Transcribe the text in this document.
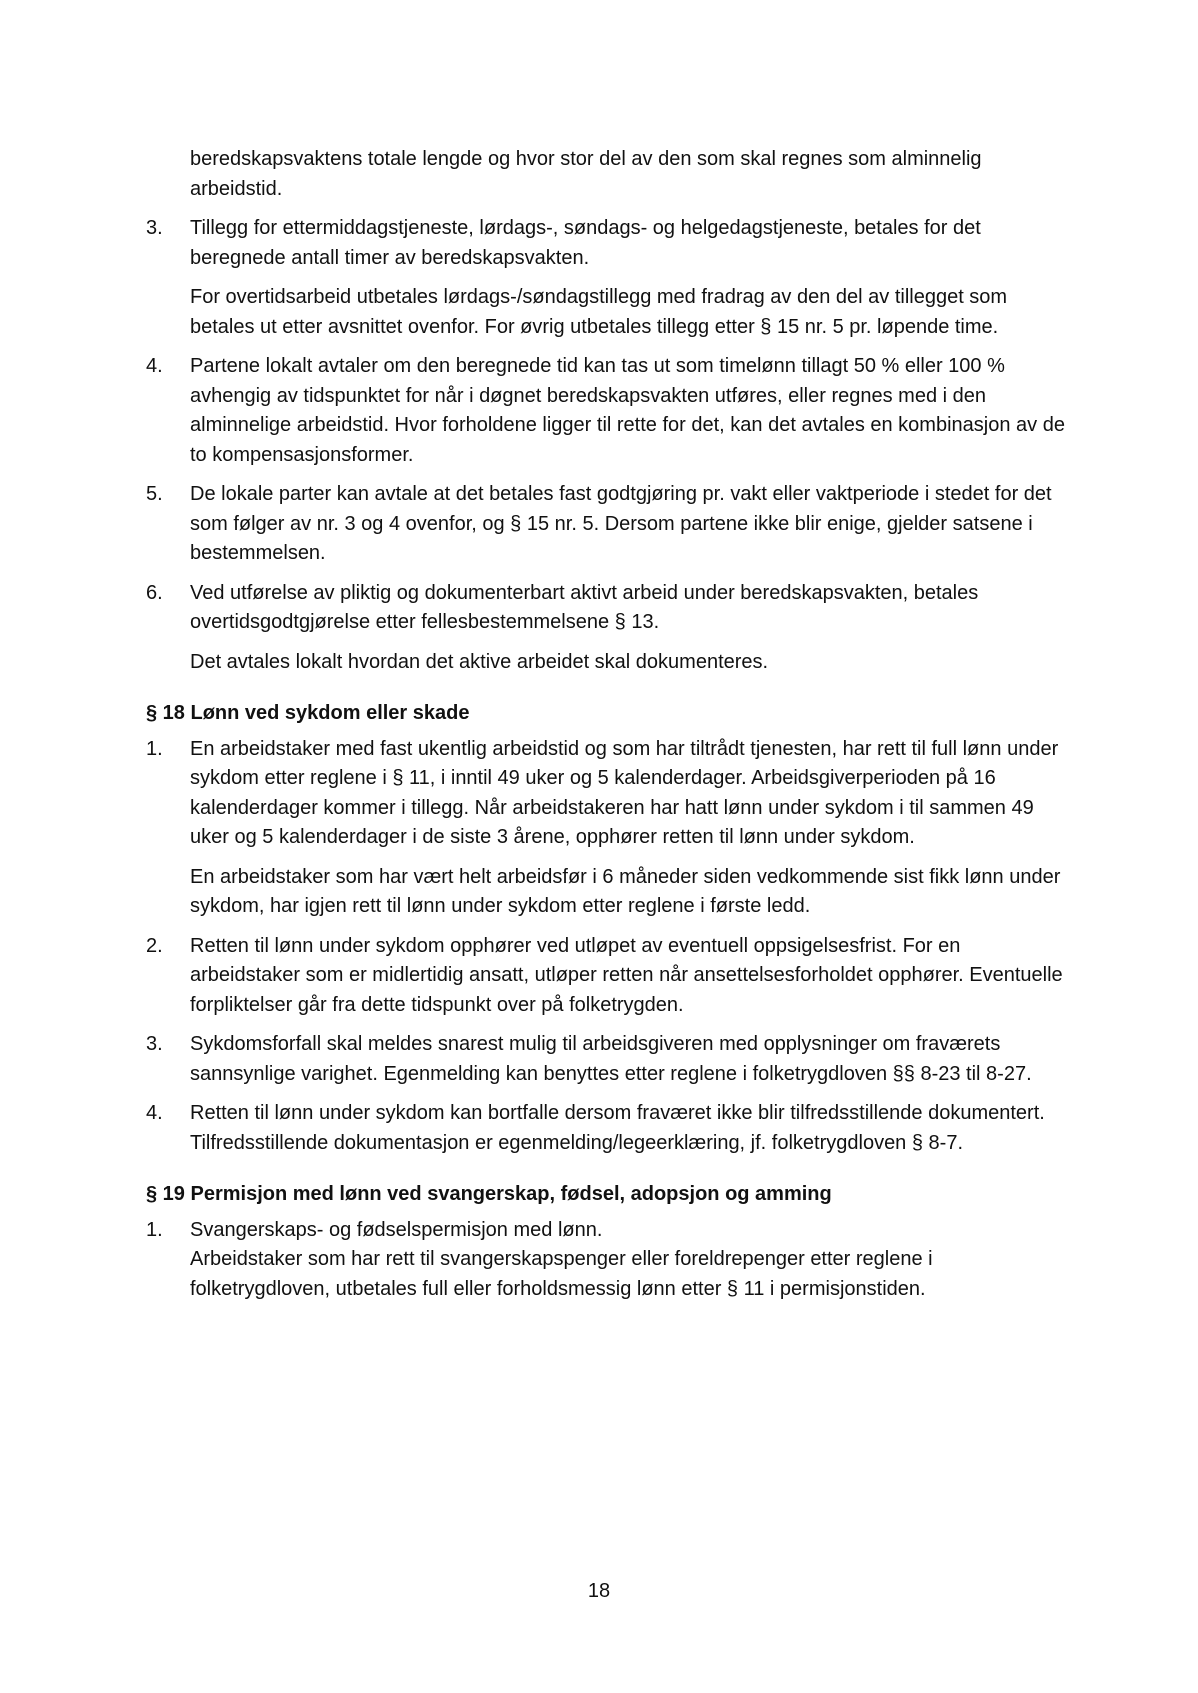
beredskapsvaktens totale lengde og hvor stor del av den som skal regnes som alminnelig arbeidstid.

3.	Tillegg for ettermiddagstjeneste, lørdags-, søndags- og helgedagstjeneste, betales for det beregnede antall timer av beredskapsvakten.

For overtidsarbeid utbetales lørdags-/søndagstillegg med fradrag av den del av tillegget som betales ut etter avsnittet ovenfor. For øvrig utbetales tillegg etter § 15 nr. 5 pr. løpende time.

4.	Partene lokalt avtaler om den beregnede tid kan tas ut som timelønn tillagt 50 % eller 100 % avhengig av tidspunktet for når i døgnet beredskapsvakten utføres, eller regnes med i den alminnelige arbeidstid. Hvor forholdene ligger til rette for det, kan det avtales en kombinasjon av de to kompensasjonsformer.

5.	De lokale parter kan avtale at det betales fast godtgjøring pr. vakt eller vaktperiode i stedet for det som følger av nr. 3 og 4 ovenfor, og § 15 nr. 5. Dersom partene ikke blir enige, gjelder satsene i bestemmelsen.

6.	Ved utførelse av pliktig og dokumenterbart aktivt arbeid under beredskapsvakten, betales overtidsgodtgjørelse etter fellesbestemmelsene § 13.

Det avtales lokalt hvordan det aktive arbeidet skal dokumenteres.

§ 18 Lønn ved sykdom eller skade
1.	En arbeidstaker med fast ukentlig arbeidstid og som har tiltrådt tjenesten, har rett til full lønn under sykdom etter reglene i § 11, i inntil 49 uker og 5 kalenderdager. Arbeidsgiverperioden på 16 kalenderdager kommer i tillegg. Når arbeidstakeren har hatt lønn under sykdom i til sammen 49 uker og 5 kalenderdager i de siste 3 årene, opphører retten til lønn under sykdom.

En arbeidstaker som har vært helt arbeidsfør i 6 måneder siden vedkommende sist fikk lønn under sykdom, har igjen rett til lønn under sykdom etter reglene i første ledd.

2.	Retten til lønn under sykdom opphører ved utløpet av eventuell oppsigelsesfrist. For en arbeidstaker som er midlertidig ansatt, utløper retten når ansettelsesforholdet opphører. Eventuelle forpliktelser går fra dette tidspunkt over på folketrygden.

3.	Sykdomsforfall skal meldes snarest mulig til arbeidsgiveren med opplysninger om fraværets sannsynlige varighet. Egenmelding kan benyttes etter reglene i folketrygdloven §§ 8-23 til 8-27.

4.	Retten til lønn under sykdom kan bortfalle dersom fraværet ikke blir tilfredsstillende dokumentert. Tilfredsstillende dokumentasjon er egenmelding/legeerklæring, jf. folketrygdloven § 8-7.

§ 19 Permisjon med lønn ved svangerskap, fødsel, adopsjon og amming
1.	Svangerskaps- og fødselspermisjon med lønn.

Arbeidstaker som har rett til svangerskapspenger eller foreldrepenger etter reglene i folketrygdloven, utbetales full eller forholdsmessig lønn etter § 11 i permisjonstiden.

18
